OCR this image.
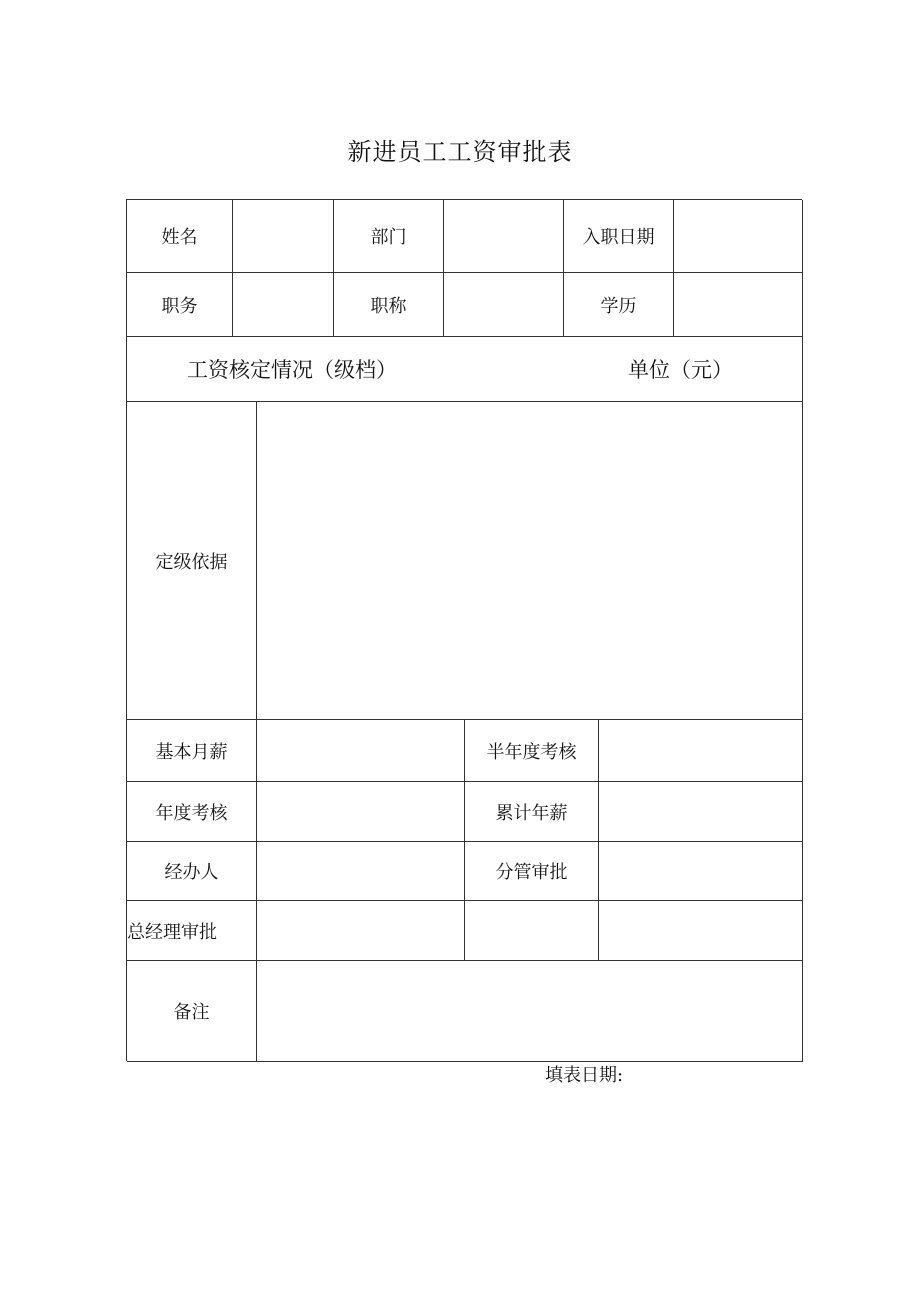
新进员工工资审批表
姓名	部门	入职日期
职务	职称	学历
工资核定情况（级档）	单位（元）
定级依据
基本月薪	半年度考核
年度考核	累计年薪
经办人	分管审批
总经理审批
备注
填表日期:
